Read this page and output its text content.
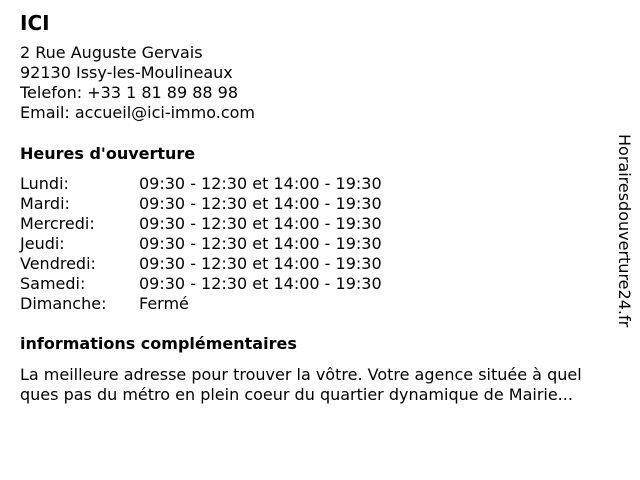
ICI
2 Rue Auguste Gervais
92130 Issy-les-Moulineaux
Telefon: +33 1 81 89 88 98
Email: accueil@ici-immo.com
Heures d'ouverture
Lundi:	09:30 - 12:30 et 14:00 - 19:30
Mardi:	09:30 - 12:30 et 14:00 - 19:30
Mercredi:	09:30 - 12:30 et 14:00 - 19:30
Jeudi:	09:30 - 12:30 et 14:00 - 19:30
Vendredi:	09:30 - 12:30 et 14:00 - 19:30
Samedi:	09:30 - 12:30 et 14:00 - 19:30
Dimanche:	Fermé
informations complémentaires
La meilleure adresse pour trouver la vôtre. Votre agence située à quel
ques pas du métro en plein coeur du quartier dynamique de Mairie...
Horairesdouverture24.fr
